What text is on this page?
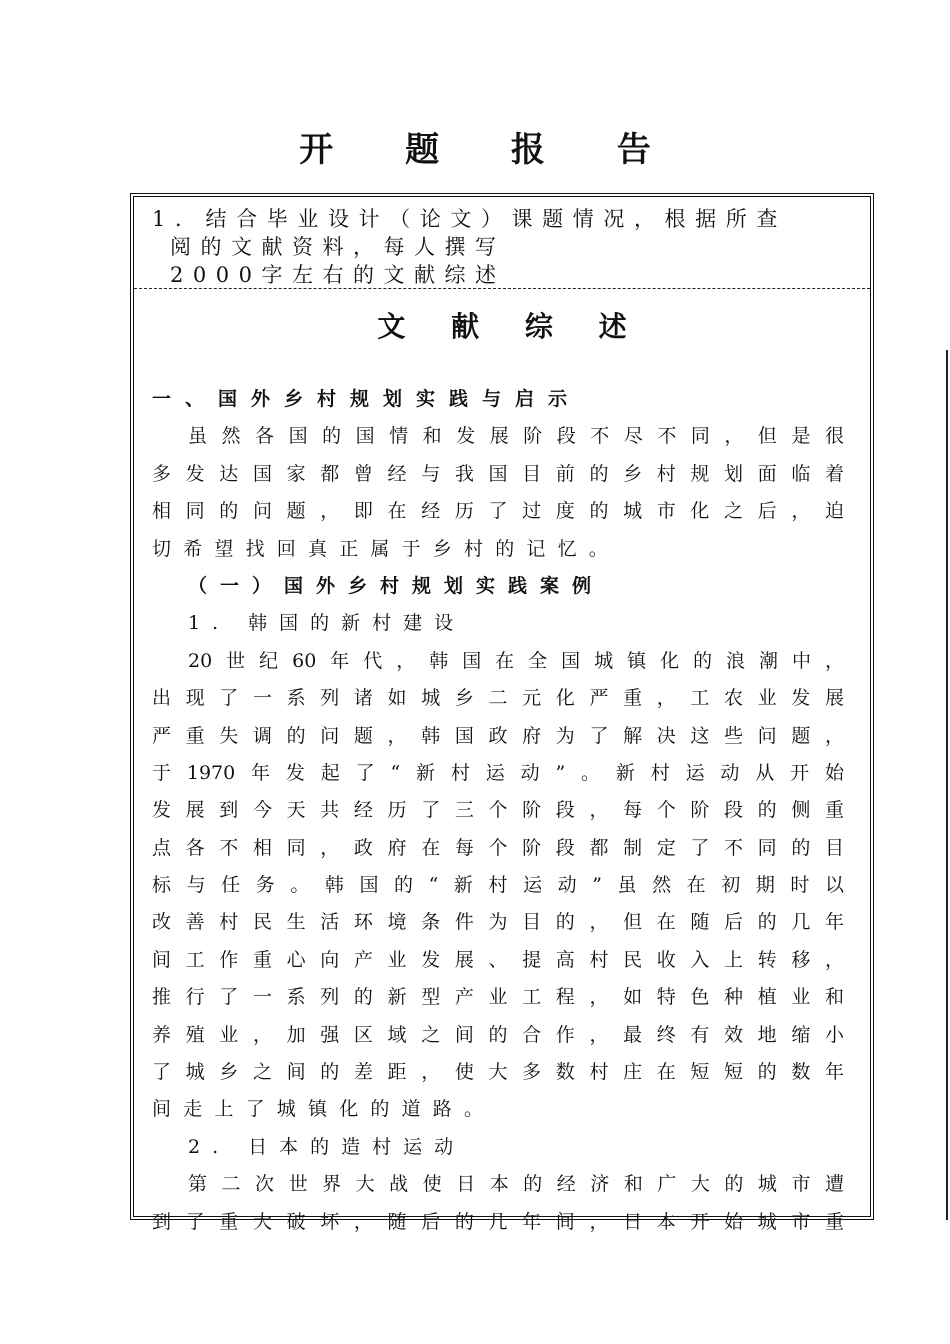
开 题 报 告
1．结合毕业设计（论文）课题情况，根据所查
阅的文献资料，每人撰写
2000字左右的文献综述
文 献 综 述
一、国外乡村规划实践与启示
虽然各国的国情和发展阶段不尽不同，但是很
多发达国家都曾经与我国目前的乡村规划面临着
相同的问题，即在经历了过度的城市化之后，迫
切希望找回真正属于乡村的记忆。
（一）国外乡村规划实践案例
1. 韩国的新村建设
20世纪60年代，韩国在全国城镇化的浪潮中，
出现了一系列诸如城乡二元化严重，工农业发展
严重失调的问题，韩国政府为了解决这些问题，
于1970年发起了“新村运动”。新村运动从开始
发展到今天共经历了三个阶段，每个阶段的侧重
点各不相同，政府在每个阶段都制定了不同的目
标与任务。韩国的“新村运动”虽然在初期时以
改善村民生活环境条件为目的，但在随后的几年
间工作重心向产业发展、提高村民收入上转移，
推行了一系列的新型产业工程，如特色种植业和
养殖业，加强区域之间的合作，最终有效地缩小
了城乡之间的差距，使大多数村庄在短短的数年
间走上了城镇化的道路。
2. 日本的造村运动
第二次世界大战使日本的经济和广大的城市遭
到了重大破坏，随后的几年间，日本开始城市重
